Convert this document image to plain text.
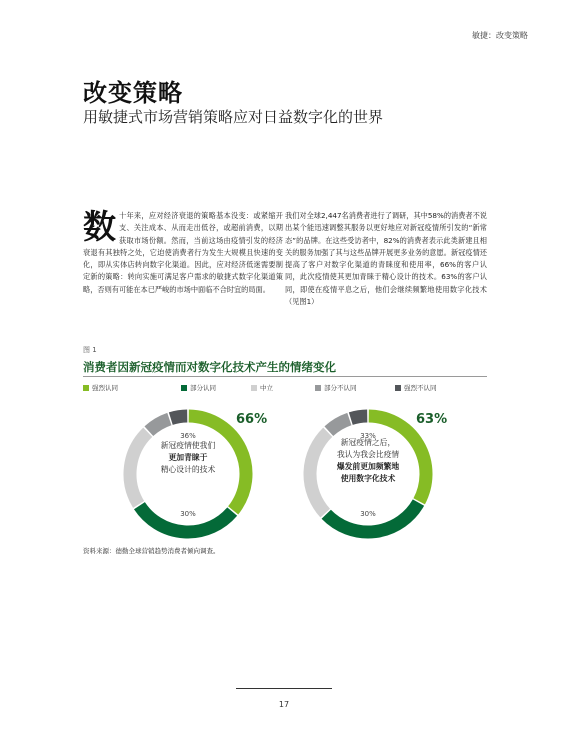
敏捷：改变策略
改变策略
用敏捷式市场营销策略应对日益数字化的世界
数 十年来，应对经济衰退的策略基本没变：或紧缩开支、关注成本、从而走出低谷，或超前消费，以期获取市场份额。然而，当前这场由疫情引发的经济衰退有其独特之处，它迫使消费者行为发生大规模且快速的变化，即从实体店转向数字化渠道。因此，应对经济低迷需要制定新的策略：转向实施可满足客户需求的敏捷式数字化渠道策略，否则有可能在本已严峻的市场中面临不合时宜的局面。
我们对全球2,447名消费者进行了调研，其中58%的消费者不说出某个能迅速调整其服务以更好地应对新冠疫情所引发的“新常态”的品牌。在这些受访者中，82%的消费者表示此类新建且相关的服务加强了其与这些品牌开展更多业务的意愿。新冠疫情还提高了客户对数字化渠道的青睐度和使用率，66%的客户认同，此次疫情使其更加青睐于精心设计的技术。63%的客户认同，即使在疫情平息之后，他们会继续频繁地使用数字化技术（见图1）
图 1
消费者因新冠疫情而对数字化技术产生的情绪变化
强烈认同	部分认同	中立	部分不认同	强烈不认同
36%
30%
66%
新冠疫情使我们
更加青睐于
精心设计的技术
33%
30%
63%
新冠疫情之后，
我认为我会比疫情
爆发前更加频繁地
使用数字化技术
资料来源：德勤全球营销趋势消费者倾向调查。
17
